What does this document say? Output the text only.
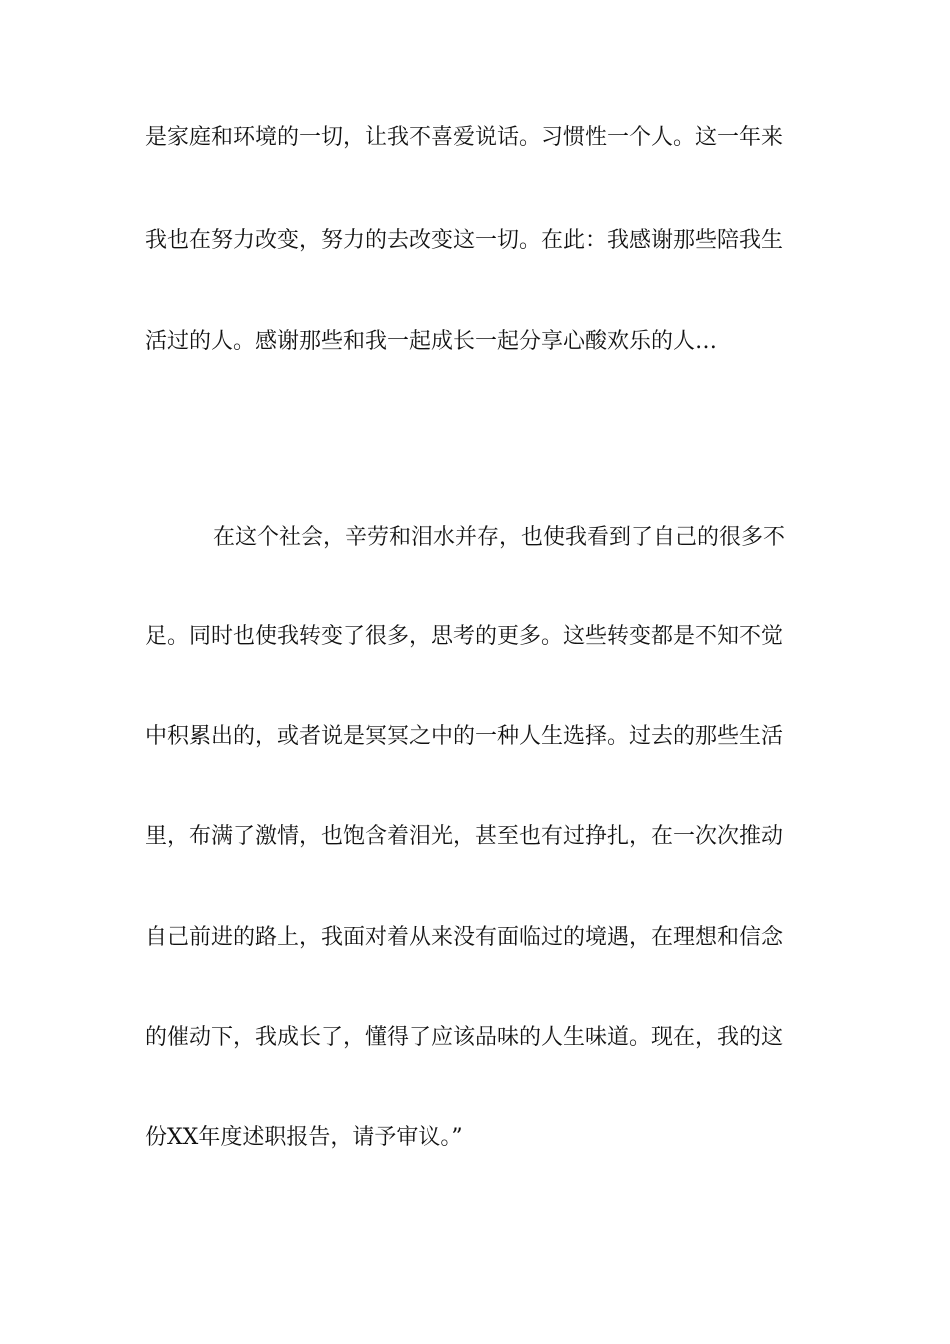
是家庭和环境的一切，让我不喜爱说话。习惯性一个人。这一年来
我也在努力改变，努力的去改变这一切。在此：我感谢那些陪我生
活过的人。感谢那些和我一起成长一起分享心酸欢乐的人…
在这个社会，辛劳和泪水并存，也使我看到了自己的很多不
足。同时也使我转变了很多，思考的更多。这些转变都是不知不觉
中积累出的，或者说是冥冥之中的一种人生选择。过去的那些生活
里，布满了激情，也饱含着泪光，甚至也有过挣扎，在一次次推动
自己前进的路上，我面对着从来没有面临过的境遇，在理想和信念
的催动下，我成长了，懂得了应该品味的人生味道。现在，我的这
份XX年度述职报告，请予审议。”
